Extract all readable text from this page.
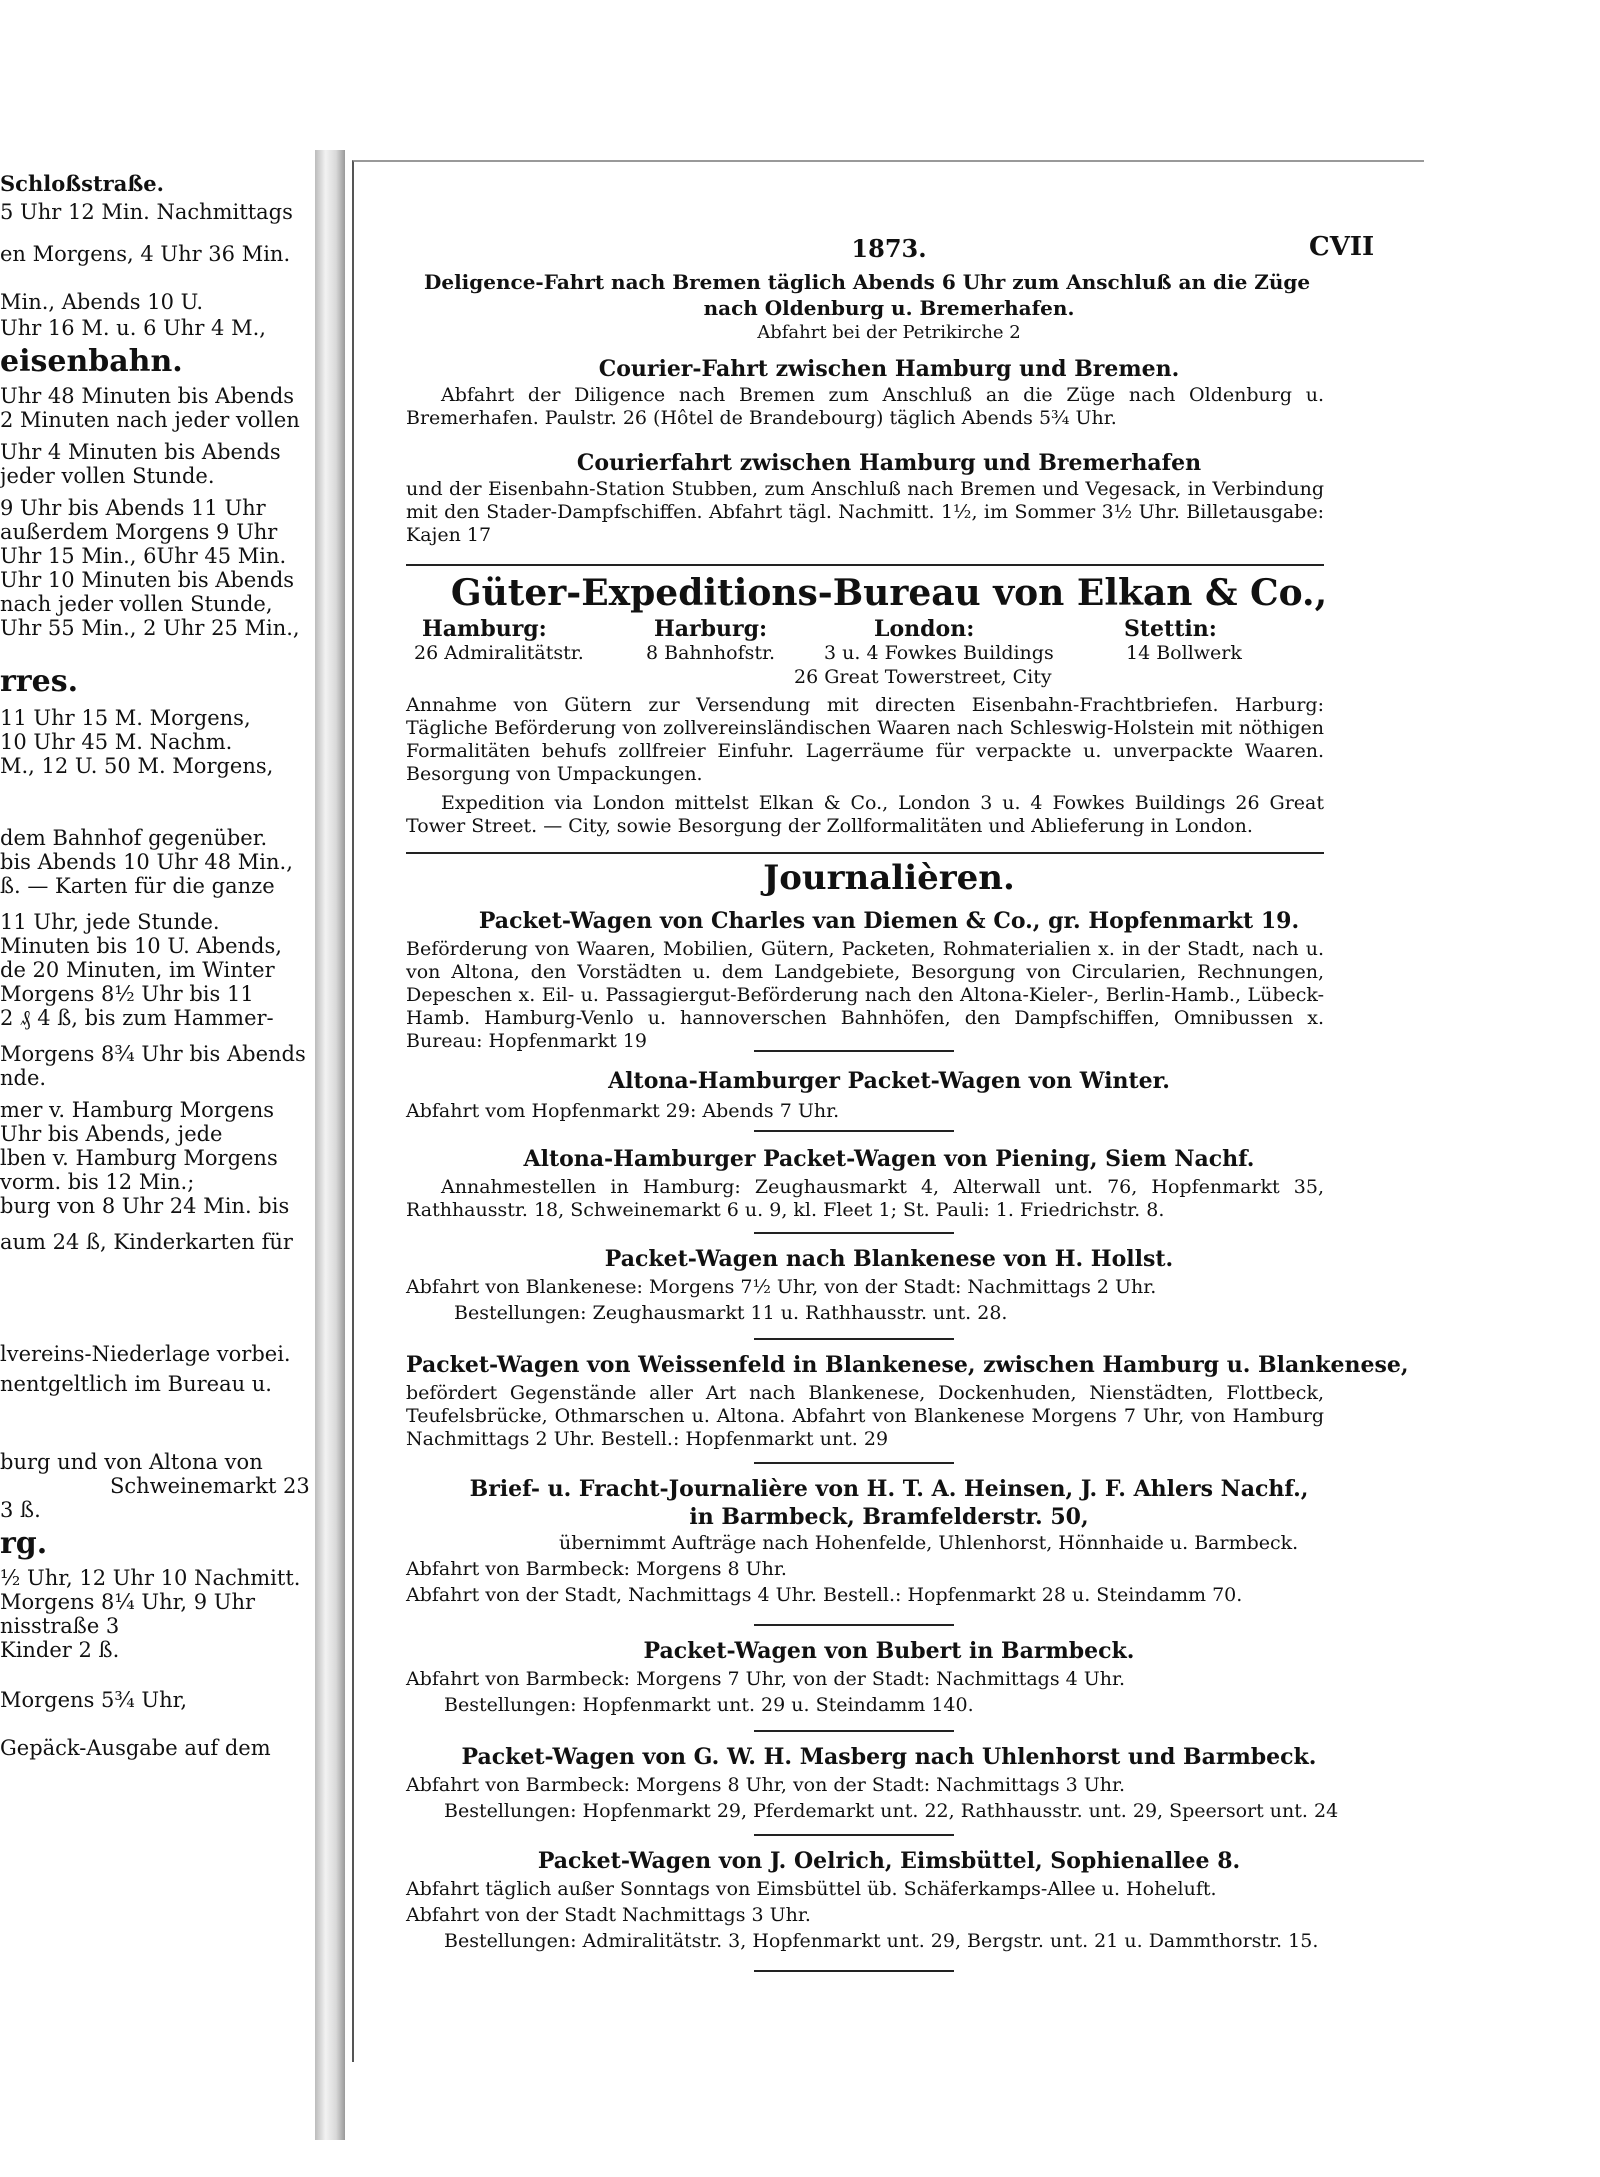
Schloßstraße.
5 Uhr 12 Min. Nachmittags
en Morgens, 4 Uhr 36 Min.
Min., Abends 10 U.
Uhr 16 M. u. 6 Uhr 4 M.,
eisenbahn.
Uhr 48 Minuten bis Abends
2 Minuten nach jeder vollen
Uhr 4 Minuten bis Abends
jeder vollen Stunde.
9 Uhr bis Abends 11 Uhr
außerdem Morgens 9 Uhr
Uhr 15 Min., 6Uhr 45 Min.
Uhr 10 Minuten bis Abends
nach jeder vollen Stunde,
Uhr 55 Min., 2 Uhr 25 Min.,
rres.
11 Uhr 15 M. Morgens,
10 Uhr 45 M. Nachm.
M., 12 U. 50 M. Morgens,
dem Bahnhof gegenüber.
bis Abends 10 Uhr 48 Min.,
ß. — Karten für die ganze
11 Uhr, jede Stunde.
Minuten bis 10 U. Abends,
de 20 Minuten, im Winter
Morgens 8½ Uhr bis 11
2 ₰ 4 ß, bis zum Hammer-
Morgens 8¾ Uhr bis Abends
nde.
mer v. Hamburg Morgens
Uhr bis Abends, jede
lben v. Hamburg Morgens
vorm. bis 12 Min.;
burg von 8 Uhr 24 Min. bis
aum 24 ß, Kinderkarten für
lvereins-Niederlage vorbei.
nentgeltlich im Bureau u.
burg und von Altona von
Schweinemarkt 23
3 ß.
rg.
½ Uhr, 12 Uhr 10 Nachmitt.
Morgens 8¼ Uhr, 9 Uhr
nisstraße 3
Kinder 2 ß.
Morgens 5¾ Uhr,
Gepäck-Ausgabe auf dem
1873.	CVII
Deligence-Fahrt nach Bremen täglich Abends 6 Uhr zum Anschluß an die Züge
nach Oldenburg u. Bremerhafen.
Abfahrt bei der Petrikirche 2
Courier-Fahrt zwischen Hamburg und Bremen.
Abfahrt der Diligence nach Bremen zum Anschluß an die Züge nach Oldenburg u. Bremerhafen. Paulstr. 26 (Hôtel de Brandebourg) täglich Abends 5¾ Uhr.
Courierfahrt zwischen Hamburg und Bremerhafen
und der Eisenbahn-Station Stubben, zum Anschluß nach Bremen und Vegesack, in Verbindung mit den Stader-Dampfschiffen. Abfahrt tägl. Nachmitt. 1½, im Sommer 3½ Uhr. Billetausgabe: Kajen 17
Güter-Expeditions-Bureau von Elkan & Co.,
Hamburg:
26 Admiralitätstr.
Harburg:
8 Bahnhofstr.
London:
3 u. 4 Fowkes Buildings
26 Great Towerstreet, City
Stettin:
14 Bollwerk
Annahme von Gütern zur Versendung mit directen Eisenbahn-Frachtbriefen. Harburg: Tägliche Beförderung von zollvereinsländischen Waaren nach Schleswig-Holstein mit nöthigen Formalitäten behufs zollfreier Einfuhr. Lagerräume für verpackte u. unverpackte Waaren. Besorgung von Umpackungen.
Expedition via London mittelst Elkan & Co., London 3 u. 4 Fowkes Buildings 26 Great Tower Street. — City, sowie Besorgung der Zollformalitäten und Ablieferung in London.
Journalièren.
Packet-Wagen von Charles van Diemen & Co., gr. Hopfenmarkt 19.
Beförderung von Waaren, Mobilien, Gütern, Packeten, Rohmaterialien x. in der Stadt, nach u. von Altona, den Vorstädten u. dem Landgebiete, Besorgung von Circularien, Rechnungen, Depeschen x. Eil- u. Passagiergut-Beförderung nach den Altona-Kieler-, Berlin-Hamb., Lübeck-Hamb. Hamburg-Venlo u. hannoverschen Bahnhöfen, den Dampfschiffen, Omnibussen x. Bureau: Hopfenmarkt 19
Altona-Hamburger Packet-Wagen von Winter.
Abfahrt vom Hopfenmarkt 29: Abends 7 Uhr.
Altona-Hamburger Packet-Wagen von Piening, Siem Nachf.
Annahmestellen in Hamburg: Zeughausmarkt 4, Alterwall unt. 76, Hopfenmarkt 35, Rathhausstr. 18, Schweinemarkt 6 u. 9, kl. Fleet 1; St. Pauli: 1. Friedrichstr. 8.
Packet-Wagen nach Blankenese von H. Hollst.
Abfahrt von Blankenese: Morgens 7½ Uhr, von der Stadt: Nachmittags 2 Uhr.
Bestellungen: Zeughausmarkt 11 u. Rathhausstr. unt. 28.
Packet-Wagen von Weissenfeld in Blankenese, zwischen Hamburg u. Blankenese,
befördert Gegenstände aller Art nach Blankenese, Dockenhuden, Nienstädten, Flottbeck, Teufelsbrücke, Othmarschen u. Altona. Abfahrt von Blankenese Morgens 7 Uhr, von Hamburg Nachmittags 2 Uhr. Bestell.: Hopfenmarkt unt. 29
Brief- u. Fracht-Journalière von H. T. A. Heinsen, J. F. Ahlers Nachf.,
in Barmbeck, Bramfelderstr. 50,
übernimmt Aufträge nach Hohenfelde, Uhlenhorst, Hönnhaide u. Barmbeck.
Abfahrt von Barmbeck: Morgens 8 Uhr.
Abfahrt von der Stadt, Nachmittags 4 Uhr. Bestell.: Hopfenmarkt 28 u. Steindamm 70.
Packet-Wagen von Bubert in Barmbeck.
Abfahrt von Barmbeck: Morgens 7 Uhr, von der Stadt: Nachmittags 4 Uhr.
Bestellungen: Hopfenmarkt unt. 29 u. Steindamm 140.
Packet-Wagen von G. W. H. Masberg nach Uhlenhorst und Barmbeck.
Abfahrt von Barmbeck: Morgens 8 Uhr, von der Stadt: Nachmittags 3 Uhr.
Bestellungen: Hopfenmarkt 29, Pferdemarkt unt. 22, Rathhausstr. unt. 29, Speersort unt. 24
Packet-Wagen von J. Oelrich, Eimsbüttel, Sophienallee 8.
Abfahrt täglich außer Sonntags von Eimsbüttel üb. Schäferkamps-Allee u. Hoheluft.
Abfahrt von der Stadt Nachmittags 3 Uhr.
Bestellungen: Admiralitätstr. 3, Hopfenmarkt unt. 29, Bergstr. unt. 21 u. Dammthorstr. 15.
